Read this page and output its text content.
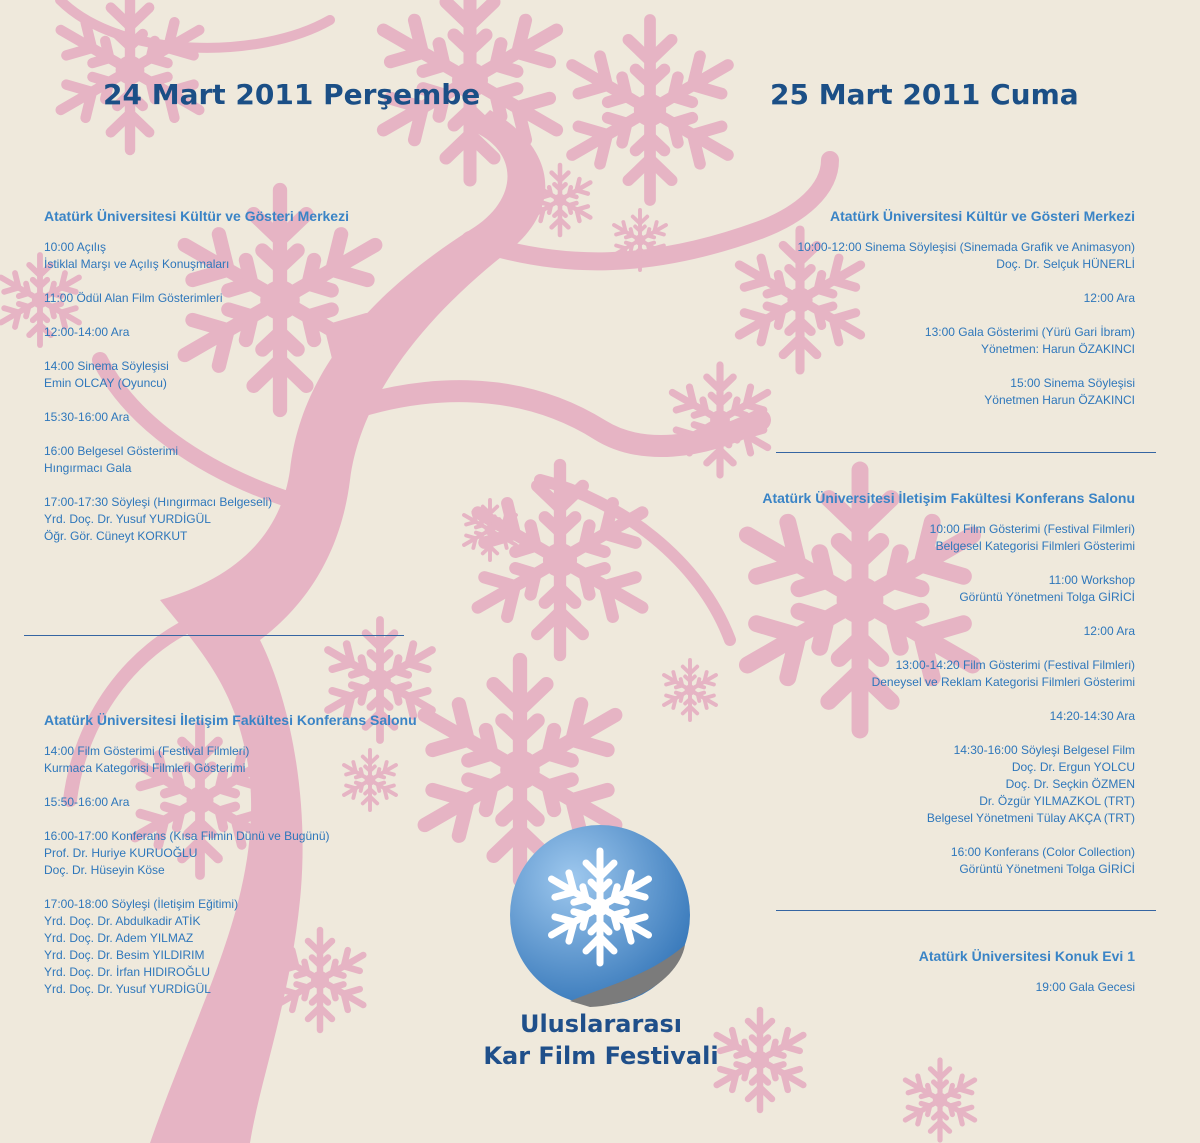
24 Mart 2011 Perşembe	25 Mart 2011 Cuma
Atatürk Üniversitesi Kültür ve Gösteri Merkezi
10:00 Açılış
İstiklal Marşı ve Açılış Konuşmaları
11:00 Ödül Alan Film Gösterimleri
12:00-14:00 Ara
14:00 Sinema Söyleşisi
Emin OLCAY (Oyuncu)
15:30-16:00 Ara
16:00 Belgesel Gösterimi
Hıngırmacı Gala
17:00-17:30 Söyleşi (Hıngırmacı Belgeseli)
Yrd. Doç. Dr. Yusuf YURDİGÜL
Öğr. Gör. Cüneyt KORKUT
Atatürk Üniversitesi İletişim Fakültesi Konferans Salonu
14:00 Film Gösterimi (Festival Filmleri)
Kurmaca Kategorisi Filmleri Gösterimi
15:50-16:00 Ara
16:00-17:00 Konferans (Kısa Filmin Dünü ve Bugünü)
Prof. Dr. Huriye KURUOĞLU
Doç. Dr. Hüseyin Köse
17:00-18:00 Söyleşi (İletişim Eğitimi)
Yrd. Doç. Dr. Abdulkadir ATİK
Yrd. Doç. Dr. Adem YILMAZ
Yrd. Doç. Dr. Besim YILDIRIM
Yrd. Doç. Dr. İrfan HIDIROĞLU
Yrd. Doç. Dr. Yusuf YURDİGÜL
Atatürk Üniversitesi Kültür ve Gösteri Merkezi
10:00-12:00 Sinema Söyleşisi (Sinemada Grafik ve Animasyon)
Doç. Dr. Selçuk HÜNERLİ
12:00 Ara
13:00 Gala Gösterimi (Yürü Gari İbram)
Yönetmen: Harun ÖZAKINCI
15:00 Sinema Söyleşisi
Yönetmen Harun ÖZAKINCI
Atatürk Üniversitesi İletişim Fakültesi Konferans Salonu
10:00 Film Gösterimi (Festival Filmleri)
Belgesel Kategorisi Filmleri Gösterimi
11:00 Workshop
Görüntü Yönetmeni Tolga GİRİCİ
12:00 Ara
13:00-14:20 Film Gösterimi (Festival Filmleri)
Deneysel ve Reklam Kategorisi Filmleri Gösterimi
14:20-14:30 Ara
14:30-16:00 Söyleşi Belgesel Film
Doç. Dr. Ergun YOLCU
Doç. Dr. Seçkin ÖZMEN
Dr. Özgür YILMAZKOL (TRT)
Belgesel Yönetmeni Tülay AKÇA (TRT)
16:00 Konferans (Color Collection)
Görüntü Yönetmeni Tolga GİRİCİ
Atatürk Üniversitesi Konuk Evi 1
19:00 Gala Gecesi
Uluslararası
Kar Film Festivali
